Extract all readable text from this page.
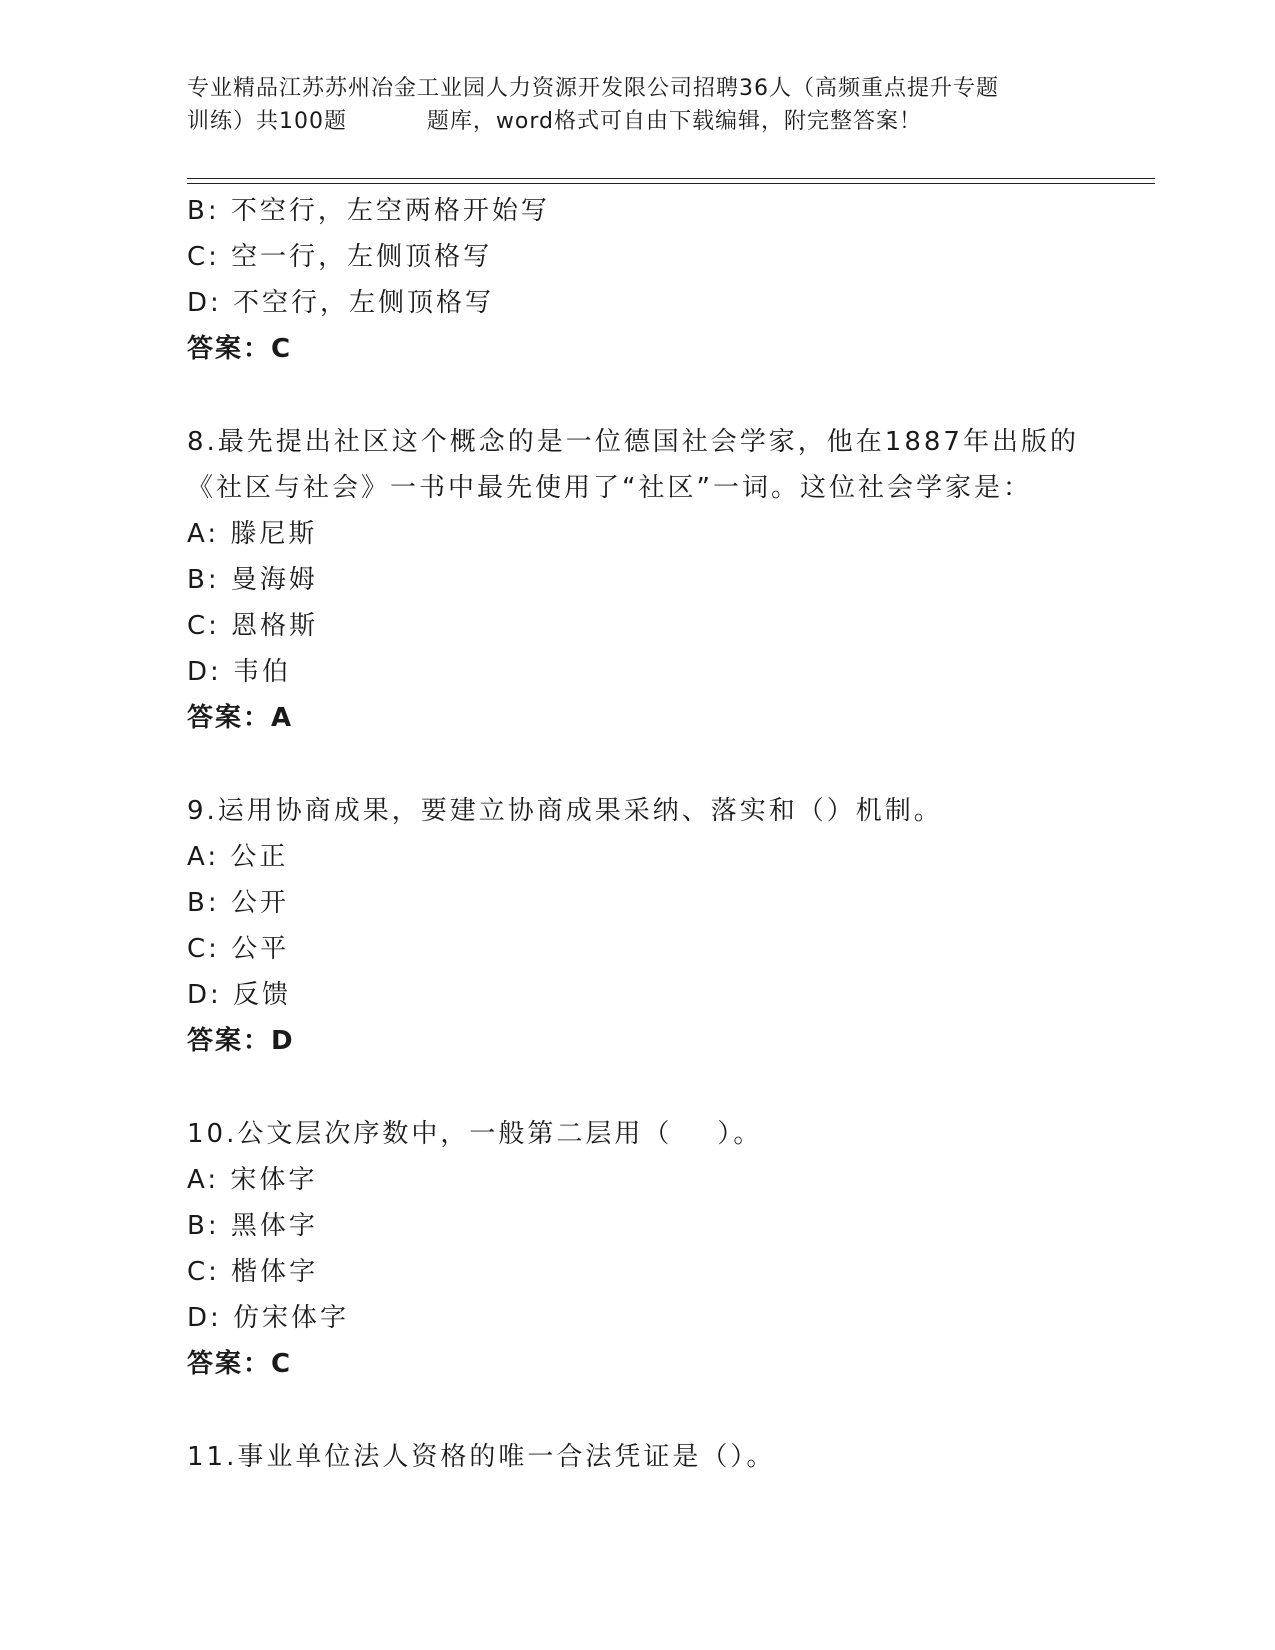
专业精品江苏苏州冶金工业园人力资源开发限公司招聘36人（高频重点提升专题
训练）共100题          题库，word格式可自由下载编辑，附完整答案！
B: 不空行，左空两格开始写
C: 空一行，左侧顶格写
D: 不空行，左侧顶格写
答案：C
8.最先提出社区这个概念的是一位德国社会学家，他在1887年出版的
《社区与社会》一书中最先使用了“社区”一词。这位社会学家是：
A: 滕尼斯
B: 曼海姆
C: 恩格斯
D: 韦伯
答案：A
9.运用协商成果，要建立协商成果采纳、落实和（）机制。
A: 公正
B: 公开
C: 公平
D: 反馈
答案：D
10.公文层次序数中，一般第二层用（    ）。
A: 宋体字
B: 黑体字
C: 楷体字
D: 仿宋体字
答案：C
11.事业单位法人资格的唯一合法凭证是（）。
